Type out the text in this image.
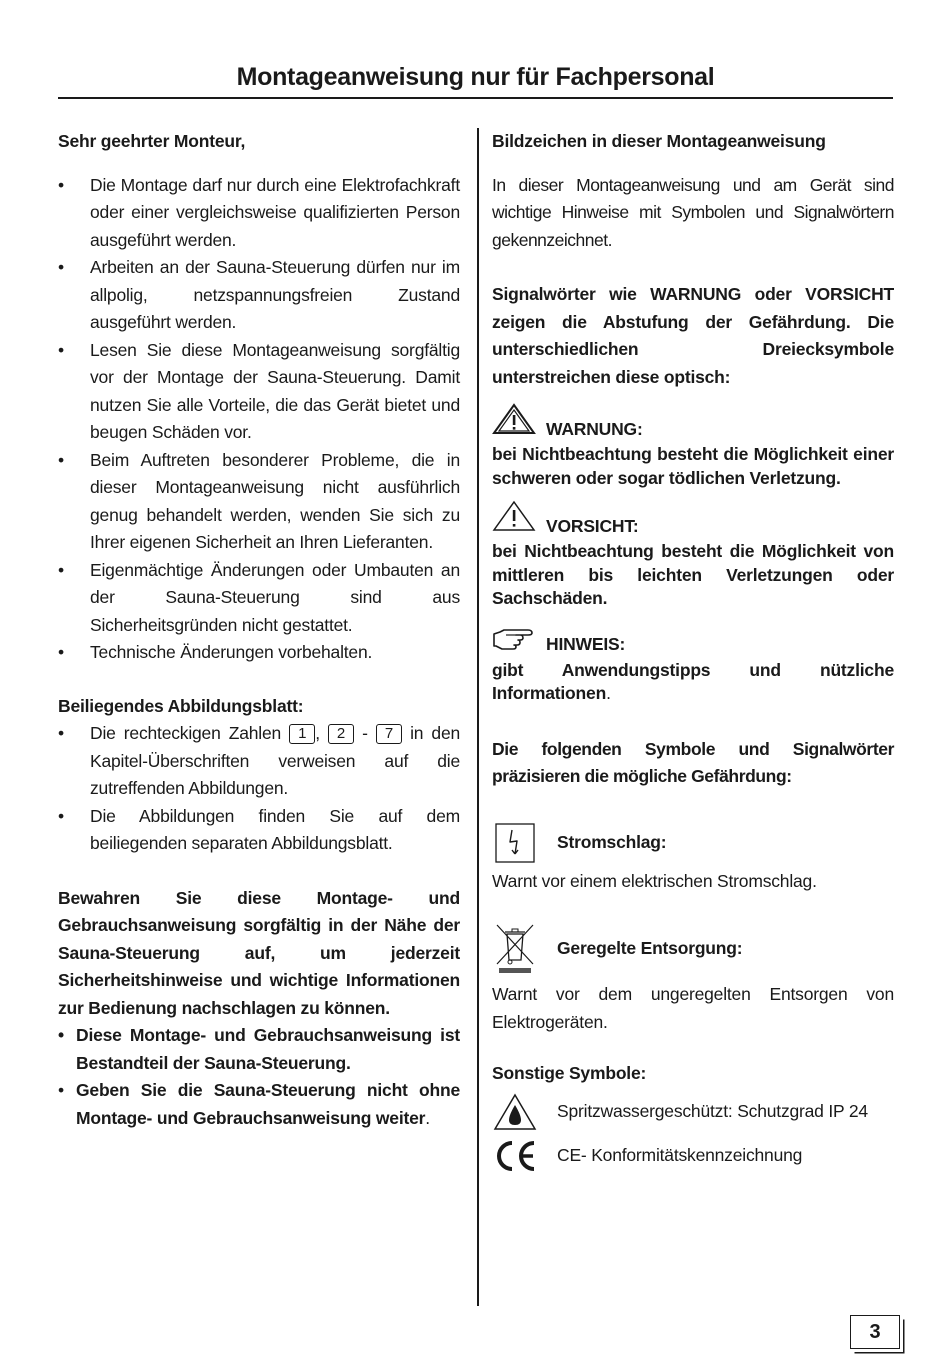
Montageanweisung nur für Fachpersonal

Sehr geehrter Monteur,

• Die Montage darf nur durch eine Elektrofachkraft oder einer vergleichsweise qualifizierten Person ausgeführt werden.
• Arbeiten an der Sauna-Steuerung dürfen nur im allpolig, netzspannungsfreien Zustand ausgeführt werden.
• Lesen Sie diese Montageanweisung sorgfältig vor der Montage der Sauna-Steuerung. Damit nutzen Sie alle Vorteile, die das Gerät bietet und beugen Schäden vor.
• Beim Auftreten besonderer Probleme, die in dieser Montageanweisung nicht ausführlich genug behandelt werden, wenden Sie sich zu Ihrer eigenen Sicherheit an Ihren Lieferanten.
• Eigenmächtige Änderungen oder Umbauten an der Sauna-Steuerung sind aus Sicherheitsgründen nicht gestattet.
• Technische Änderungen vorbehalten.

Beiliegendes Abbildungsblatt:

• Die rechteckigen Zahlen 1 , 2 - 7 in den Kapitel-Überschriften verweisen auf die zutreffenden Abbildungen.
• Die Abbildungen finden Sie auf dem beiliegenden separaten Abbildungsblatt.

Bewahren Sie diese Montage- und Gebrauchsanweisung sorgfältig in der Nähe der Sauna-Steuerung auf, um jederzeit Sicherheitshinweise und wichtige Informationen zur Bedienung nachschlagen zu können.

• Diese Montage- und Gebrauchsanweisung ist Bestandteil der Sauna-Steuerung.
• Geben Sie die Sauna-Steuerung nicht ohne Montage- und Gebrauchsanweisung weiter.

Bildzeichen in dieser Montageanweisung

In dieser Montageanweisung und am Gerät sind wichtige Hinweise mit Symbolen und Signalwörtern gekennzeichnet.

Signalwörter wie WARNUNG oder VORSICHT zeigen die Abstufung der Gefährdung. Die unterschiedlichen Dreiecksymbole unterstreichen diese optisch:

WARNUNG:
bei Nichtbeachtung besteht die Möglichkeit einer schweren oder sogar tödlichen Verletzung.
VORSICHT:
bei Nichtbeachtung besteht die Möglichkeit von mittleren bis leichten Verletzungen oder Sachschäden.
HINWEIS:
gibt Anwendungstipps und nützliche Informationen.

Die folgenden Symbole und Signalwörter präzisieren die mögliche Gefährdung:

Stromschlag:

Warnt vor einem elektrischen Stromschlag.

Geregelte Entsorgung:

Warnt vor dem ungeregelten Entsorgen von Elektrogeräten.

Sonstige Symbole:

Spritzwassergeschützt: Schutzgrad IP 24
CE- Konformitätskennzeichnung
3
